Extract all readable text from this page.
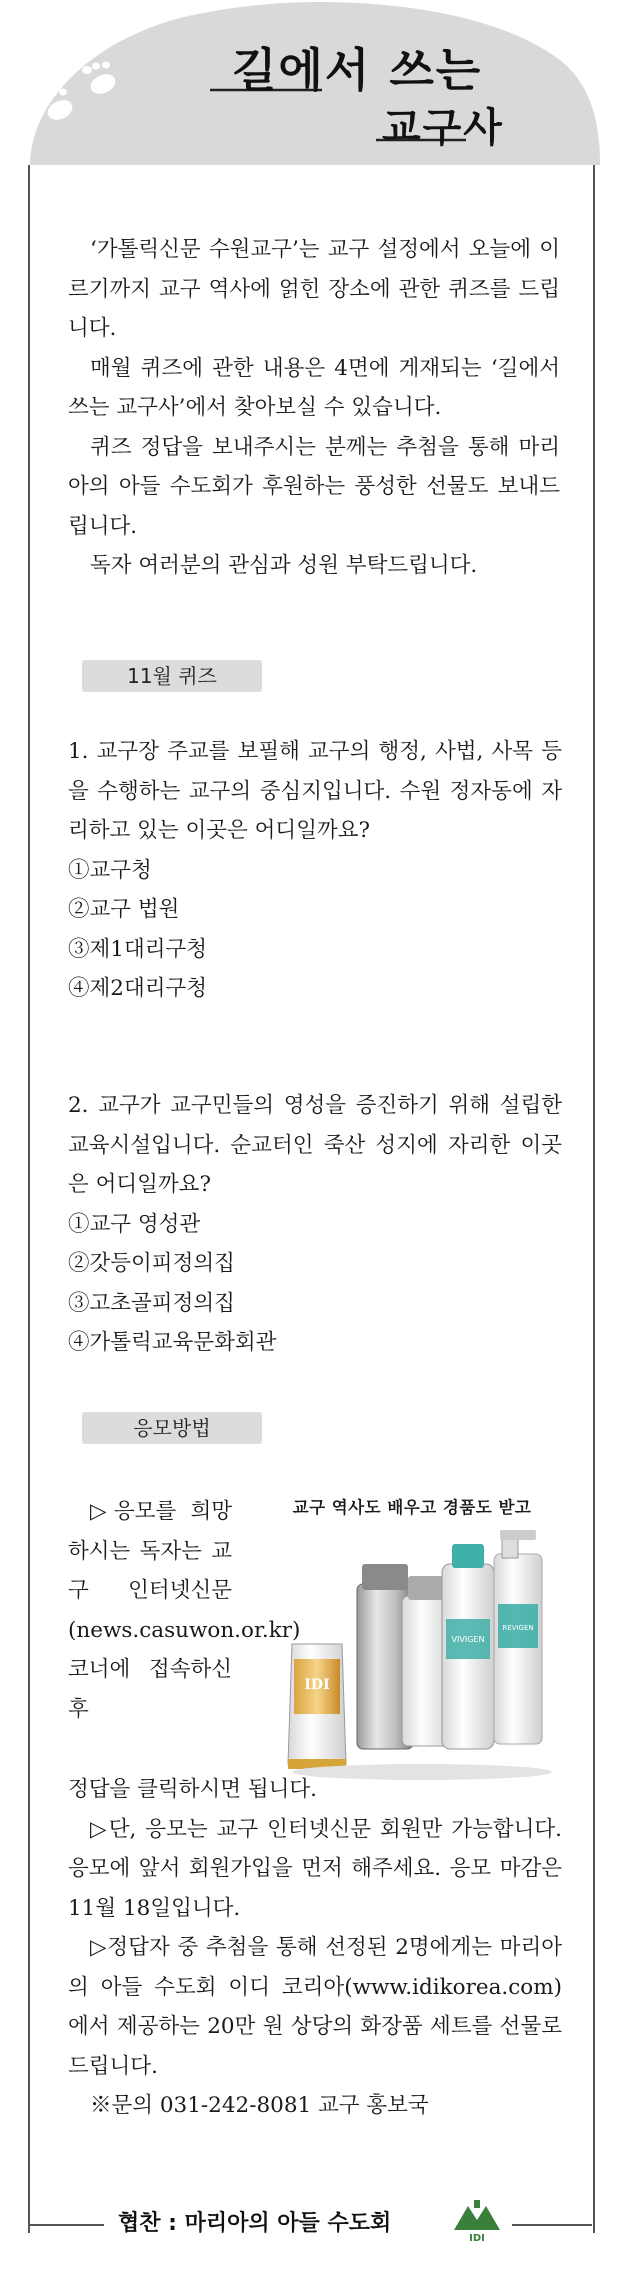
길에서 쓰는
교구사

‘가톨릭신문 수원교구’는 교구 설정에서 오늘에 이르기까지 교구 역사에 얽힌 장소에 관한 퀴즈를 드립니다.

매월 퀴즈에 관한 내용은 4면에 게재되는 ‘길에서 쓰는 교구사’에서 찾아보실 수 있습니다.

퀴즈 정답을 보내주시는 분께는 추첨을 통해 마리아의 아들 수도회가 후원하는 풍성한 선물도 보내드립니다.

독자 여러분의 관심과 성원 부탁드립니다.

11월 퀴즈

1. 교구장 주교를 보필해 교구의 행정, 사법, 사목 등을 수행하는 교구의 중심지입니다. 수원 정자동에 자리하고 있는 이곳은 어디일까요?

①교구청

②교구 법원

③제1대리구청

④제2대리구청

2. 교구가 교구민들의 영성을 증진하기 위해 설립한 교육시설입니다. 순교터인 죽산 성지에 자리한 이곳은 어디일까요?

①교구 영성관

②갓등이피정의집

③고초골피정의집

④가톨릭교육문화회관

응모방법
▷응모를 희망하시는 독자는 교구 인터넷신문(news.casuwon.or.kr) 코너에 접속하신 후
교구 역사도 배우고 경품도 받고
VIVIGEN
REVIGEN
IDI

정답을 클릭하시면 됩니다.

▷단, 응모는 교구 인터넷신문 회원만 가능합니다. 응모에 앞서 회원가입을 먼저 해주세요. 응모 마감은 11월 18일입니다.

▷정답자 중 추첨을 통해 선정된 2명에게는 마리아의 아들 수도회 이디 코리아(www.idikorea.com)에서 제공하는 20만 원 상당의 화장품 세트를 선물로 드립니다.

※문의 031-242-8081 교구 홍보국

협찬 : 마리아의 아들 수도회
IDI
